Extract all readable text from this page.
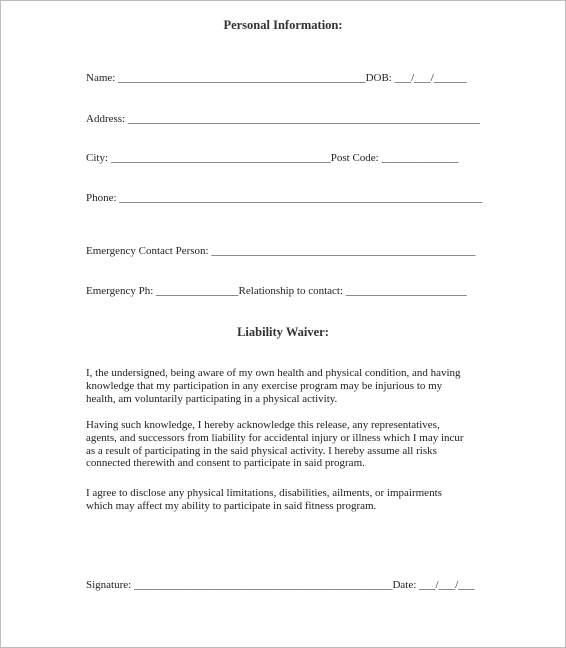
Personal Information:
Name: _____________________________________________DOB: ___/___/______
Address: ________________________________________________________________
City: ________________________________________Post Code: ______________
Phone: __________________________________________________________________
Emergency Contact Person: ________________________________________________
Emergency Ph: _______________Relationship to contact: ______________________
Liability Waiver:
I, the undersigned, being aware of my own health and physical condition, and having
knowledge that my participation in any exercise program may be injurious to my
health, am voluntarily participating in a physical activity.
Having such knowledge, I hereby acknowledge this release, any representatives,
agents, and successors from liability for accidental injury or illness which I may incur
as a result of participating in the said physical activity. I hereby assume all risks
connected therewith and consent to participate in said program.
I agree to disclose any physical limitations, disabilities, ailments, or impairments
which may affect my ability to participate in said fitness program.
Signature: _______________________________________________Date: ___/___/___
